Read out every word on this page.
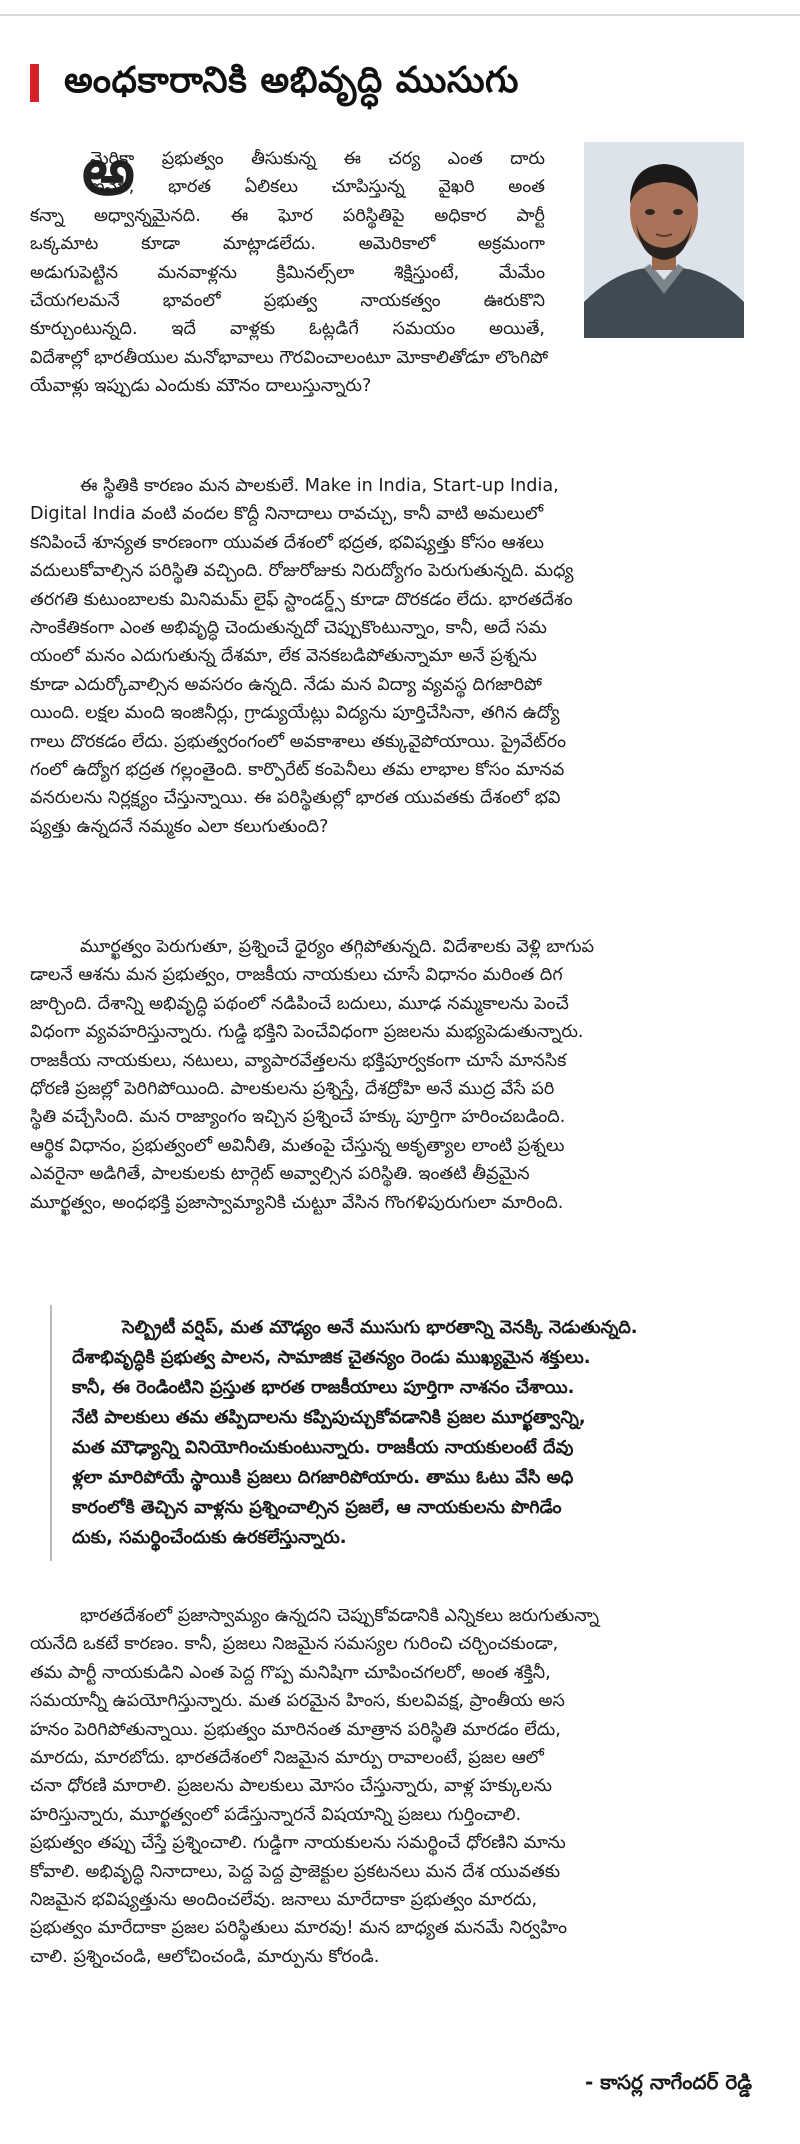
అంధకారానికి అభివృద్ధి ముసుగు
అ
మెరికా ప్రభుత్వం తీసుకున్న ఈ చర్య ఎంత దారు
ణమో, భారత ఏలికలు చూపిస్తున్న వైఖరి అంత
కన్నా అధ్వాన్నమైనది. ఈ ఘోర పరిస్థితిపై అధికార పార్టీ
ఒక్కమాట కూడా మాట్లాడలేదు. అమెరికాలో అక్రమంగా
అడుగుపెట్టిన మనవాళ్లను క్రిమినల్స్‌లా శిక్షిస్తుంటే, మేమేం
చేయగలమనే భావంలో ప్రభుత్వ నాయకత్వం ఊరుకొని
కూర్చుంటున్నది. ఇదే వాళ్లకు ఓట్లడిగే సమయం అయితే,
విదేశాల్లో భారతీయుల మనోభావాలు గౌరవించాలంటూ మోకాలితోడూ లొంగిపో
యేవాళ్లు ఇప్పుడు ఎందుకు మౌనం దాలుస్తున్నారు?
ఈ స్థితికి కారణం మన పాలకులే. Make in India, Start-up India,
Digital India వంటి వందల కొద్దీ నినాదాలు రావచ్చు, కానీ వాటి అమలులో
కనిపించే శూన్యత కారణంగా యువత దేశంలో భద్రత, భవిష్యత్తు కోసం ఆశలు
వదులుకోవాల్సిన పరిస్థితి వచ్చింది. రోజురోజుకు నిరుద్యోగం పెరుగుతున్నది. మధ్య
తరగతి కుటుంబాలకు మినిమమ్ లైఫ్ స్టాండర్డ్స్ కూడా దొరకడం లేదు. భారతదేశం
సాంకేతికంగా ఎంత అభివృద్ధి చెందుతున్నదో చెప్పుకొంటున్నాం, కానీ, అదే సమ
యంలో మనం ఎదుగుతున్న దేశమా, లేక వెనకబడిపోతున్నామా అనే ప్రశ్నను
కూడా ఎదుర్కోవాల్సిన అవసరం ఉన్నది. నేడు మన విద్యా వ్యవస్థ దిగజారిపో
యింది. లక్షల మంది ఇంజినీర్లు, గ్రాడ్యుయేట్లు విద్యను పూర్తిచేసినా, తగిన ఉద్యో
గాలు దొరకడం లేదు. ప్రభుత్వరంగంలో అవకాశాలు తక్కువైపోయాయి. ప్రైవేట్‌రం
గంలో ఉద్యోగ భద్రత గల్లంతైంది. కార్పొరేట్ కంపెనీలు తమ లాభాల కోసం మానవ
వనరులను నిర్లక్ష్యం చేస్తున్నాయి. ఈ పరిస్థితుల్లో భారత యువతకు దేశంలో భవి
ష్యత్తు ఉన్నదనే నమ్మకం ఎలా కలుగుతుంది?
మూర్ఖత్వం పెరుగుతూ, ప్రశ్నించే ధైర్యం తగ్గిపోతున్నది. విదేశాలకు వెళ్లి బాగుప
డాలనే ఆశను మన ప్రభుత్వం, రాజకీయ నాయకులు చూసే విధానం మరింత దిగ
జార్చింది. దేశాన్ని అభివృద్ధి పథంలో నడిపించే బదులు, మూఢ నమ్మకాలను పెంచే
విధంగా వ్యవహరిస్తున్నారు. గుడ్డి భక్తిని పెంచేవిధంగా ప్రజలను మభ్యపెడుతున్నారు.
రాజకీయ నాయకులు, నటులు, వ్యాపారవేత్తలను భక్తిపూర్వకంగా చూసే మానసిక
ధోరణి ప్రజల్లో పెరిగిపోయింది. పాలకులను ప్రశ్నిస్తే, దేశద్రోహి అనే ముద్ర వేసే పరి
స్థితి వచ్చేసింది. మన రాజ్యాంగం ఇచ్చిన ప్రశ్నించే హక్కు పూర్తిగా హరించబడింది.
ఆర్థిక విధానం, ప్రభుత్వంలో అవినీతి, మతంపై చేస్తున్న అకృత్యాల లాంటి ప్రశ్నలు
ఎవరైనా అడిగితే, పాలకులకు టార్గెట్ అవ్వాల్సిన పరిస్థితి. ఇంతటి తీవ్రమైన
మూర్ఖత్వం, అంధభక్తి ప్రజాస్వామ్యానికి చుట్టూ వేసిన గొంగళిపురుగులా మారింది.
సెల్బ్రిటీ వర్షిప్, మత మౌఢ్యం అనే ముసుగు భారతాన్ని వెనక్కి నెడుతున్నది.
దేశాభివృద్ధికి ప్రభుత్వ పాలన, సామాజిక చైతన్యం రెండు ముఖ్యమైన శక్తులు.
కానీ, ఈ రెండింటిని ప్రస్తుత భారత రాజకీయాలు పూర్తిగా నాశనం చేశాయి.
నేటి పాలకులు తమ తప్పిదాలను కప్పిపుచ్చుకోవడానికి ప్రజల మూర్ఖత్వాన్ని,
మత మౌఢ్యాన్ని వినియోగించుకుంటున్నారు. రాజకీయ నాయకులంటే దేవు
ళ్లలా మారిపోయే స్థాయికి ప్రజలు దిగజారిపోయారు. తాము ఓటు వేసి అధి
కారంలోకి తెచ్చిన వాళ్లను ప్రశ్నించాల్సిన ప్రజలే, ఆ నాయకులను పొగిడేం
దుకు, సమర్థించేందుకు ఉరకలేస్తున్నారు.
భారతదేశంలో ప్రజాస్వామ్యం ఉన్నదని చెప్పుకోవడానికి ఎన్నికలు జరుగుతున్నా
యనేది ఒకటే కారణం. కానీ, ప్రజలు నిజమైన సమస్యల గురించి చర్చించకుండా,
తమ పార్టీ నాయకుడిని ఎంత పెద్ద గొప్ప మనిషిగా చూపించగలరో, అంత శక్తినీ,
సమయాన్నీ ఉపయోగిస్తున్నారు. మత పరమైన హింస, కులవివక్ష, ప్రాంతీయ అస
హనం పెరిగిపోతున్నాయి. ప్రభుత్వం మారినంత మాత్రాన పరిస్థితి మారడం లేదు,
మారదు, మారబోదు. భారతదేశంలో నిజమైన మార్పు రావాలంటే, ప్రజల ఆలో
చనా ధోరణి మారాలి. ప్రజలను పాలకులు మోసం చేస్తున్నారు, వాళ్ల హక్కులను
హరిస్తున్నారు, మూర్ఖత్వంలో పడేస్తున్నారనే విషయాన్ని ప్రజలు గుర్తించాలి.
ప్రభుత్వం తప్పు చేస్తే ప్రశ్నించాలి. గుడ్డిగా నాయకులను సమర్థించే ధోరణిని మాను
కోవాలి. అభివృద్ధి నినాదాలు, పెద్ద పెద్ద ప్రాజెక్టుల ప్రకటనలు మన దేశ యువతకు
నిజమైన భవిష్యత్తును అందించలేవు. జనాలు మారేదాకా ప్రభుత్వం మారదు,
ప్రభుత్వం మారేదాకా ప్రజల పరిస్థితులు మారవు! మన బాధ్యత మనమే నిర్వహిం
చాలి. ప్రశ్నించండి, ఆలోచించండి, మార్పును కోరండి.
- కాసర్ల నాగేందర్ రెడ్డి
